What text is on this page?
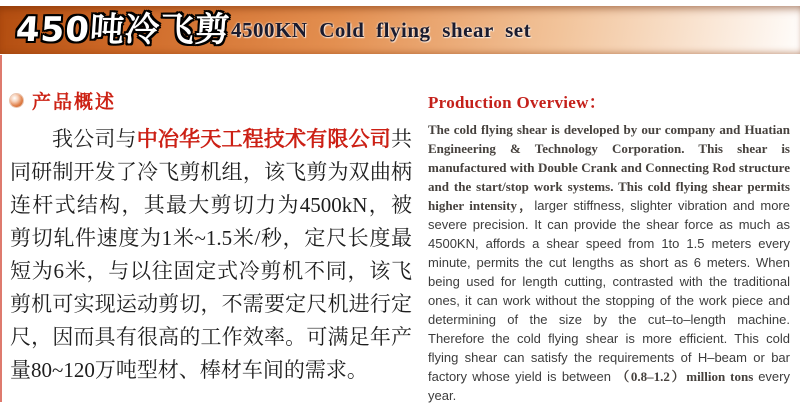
450吨冷飞剪 4500KN Cold flying shear set
产品概述
我公司与中冶华天工程技术有限公司共同研制开发了冷飞剪机组，该飞剪为双曲柄连杆式结构，其最大剪切力为4500kN，被剪切轧件速度为1米~1.5米/秒，定尺长度最短为6米，与以往固定式冷剪机不同，该飞剪机可实现运动剪切，不需要定尺机进行定尺，因而具有很高的工作效率。可满足年产量80~120万吨型材、棒材车间的需求。
Production Overview：
The cold flying shear is developed by our company and Huatian Engineering & Technology Corporation. This shear is manufactured with Double Crank and Connecting Rod structure and the start/stop work systems. This cold flying shear permits higher intensity，larger stiffness, slighter vibration and more severe precision. It can provide the shear force as much as 4500KN, affords a shear speed from 1to 1.5 meters every minute, permits the cut lengths as short as 6 meters. When being used for length cutting, contrasted with the traditional ones, it can work without the stopping of the work piece and determining of the size by the cut–to–length machine. Therefore the cold flying shear is more efficient. This cold flying shear can satisfy the requirements of H–beam or bar factory whose yield is between （0.8–1.2）million tons every year.
